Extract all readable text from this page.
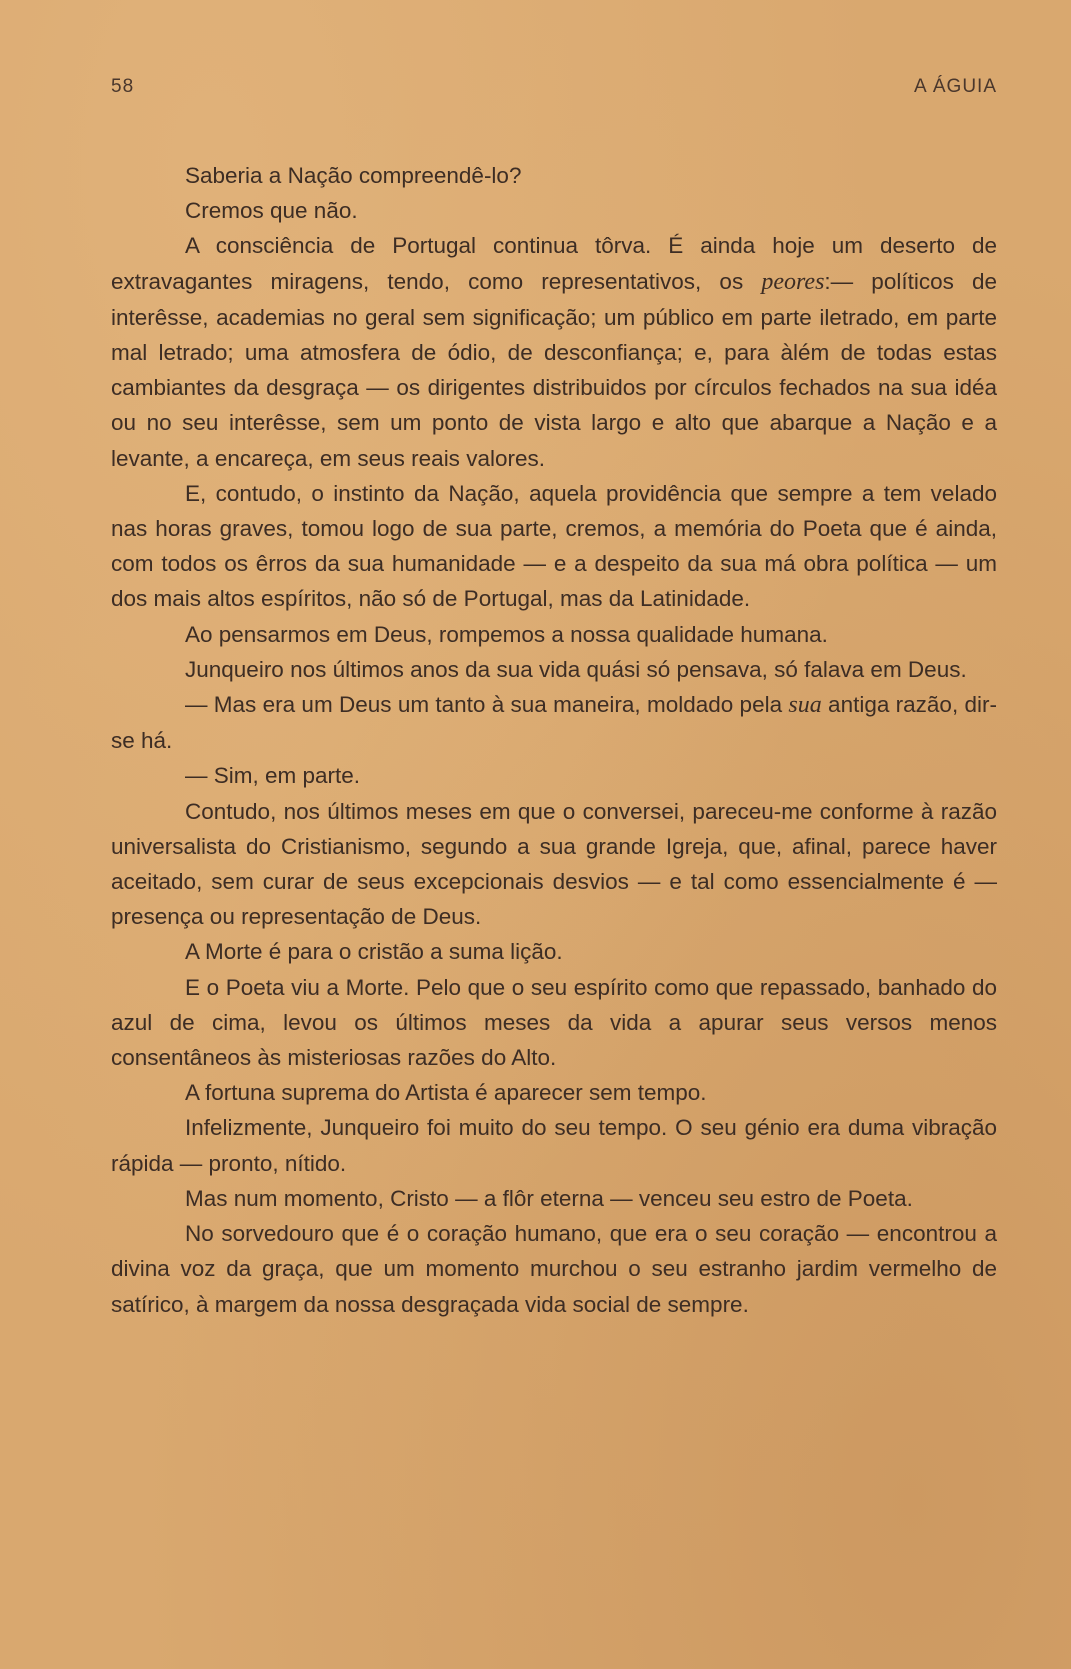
58	A ÁGUIA

Saberia a Nação compreendê-lo?

Cremos que não.

A consciência de Portugal continua tôrva. É ainda hoje um deserto de extravagantes miragens, tendo, como representativos, os peores:— políticos de interêsse, academias no geral sem significação; um público em parte iletrado, em parte mal letrado; uma atmosfera de ódio, de desconfiança; e, para àlém de todas estas cambiantes da desgraça — os dirigentes distribuidos por círculos fechados na sua idéa ou no seu interêsse, sem um ponto de vista largo e alto que abarque a Nação e a levante, a encareça, em seus reais valores.

E, contudo, o instinto da Nação, aquela providência que sempre a tem velado nas horas graves, tomou logo de sua parte, cremos, a memória do Poeta que é ainda, com todos os êrros da sua humanidade — e a despeito da sua má obra política — um dos mais altos espíritos, não só de Portugal, mas da Latinidade.

Ao pensarmos em Deus, rompemos a nossa qualidade humana.

Junqueiro nos últimos anos da sua vida quási só pensava, só falava em Deus.

— Mas era um Deus um tanto à sua maneira, moldado pela sua antiga razão, dir-se há.

— Sim, em parte.

Contudo, nos últimos meses em que o conversei, pareceu-me conforme à razão universalista do Cristianismo, segundo a sua grande Igreja, que, afinal, parece haver aceitado, sem curar de seus excepcionais desvios — e tal como essencialmente é — presença ou representação de Deus.

A Morte é para o cristão a suma lição.

E o Poeta viu a Morte. Pelo que o seu espírito como que repassado, banhado do azul de cima, levou os últimos meses da vida a apurar seus versos menos consentâneos às misteriosas razões do Alto.

A fortuna suprema do Artista é aparecer sem tempo.

Infelizmente, Junqueiro foi muito do seu tempo. O seu génio era duma vibração rápida — pronto, nítido.

Mas num momento, Cristo — a flôr eterna — venceu seu estro de Poeta.

No sorvedouro que é o coração humano, que era o seu coração — encontrou a divina voz da graça, que um momento murchou o seu estranho jardim vermelho de satírico, à margem da nossa desgraçada vida social de sempre.
